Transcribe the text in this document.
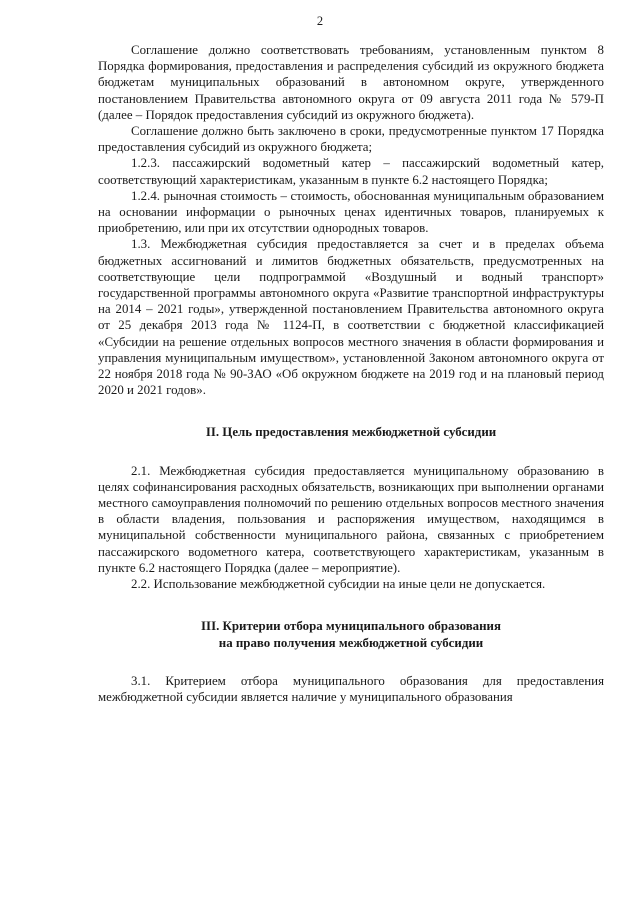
2

Соглашение должно соответствовать требованиям, установленным пунктом 8 Порядка формирования, предоставления и распределения субсидий из окружного бюджета бюджетам муниципальных образований в автономном округе, утвержденного постановлением Правительства автономного округа от 09 августа 2011 года № 579-П (далее – Порядок предоставления субсидий из окружного бюджета).

Соглашение должно быть заключено в сроки, предусмотренные пунктом 17 Порядка предоставления субсидий из окружного бюджета;

1.2.3. пассажирский водометный катер – пассажирский водометный катер, соответствующий характеристикам, указанным в пункте 6.2 настоящего Порядка;

1.2.4. рыночная стоимость – стоимость, обоснованная муниципальным образованием на основании информации о рыночных ценах идентичных товаров, планируемых к приобретению, или при их отсутствии однородных товаров.

1.3. Межбюджетная субсидия предоставляется за счет и в пределах объема бюджетных ассигнований и лимитов бюджетных обязательств, предусмотренных на соответствующие цели подпрограммой «Воздушный и водный транспорт» государственной программы автономного округа «Развитие транспортной инфраструктуры на 2014 – 2021 годы», утвержденной постановлением Правительства автономного округа от 25 декабря 2013 года № 1124-П, в соответствии с бюджетной классификацией «Субсидии на решение отдельных вопросов местного значения в области формирования и управления муниципальным имуществом», установленной Законом автономного округа от 22 ноября 2018 года № 90-ЗАО «Об окружном бюджете на 2019 год и на плановый период 2020 и 2021 годов».

II. Цель предоставления межбюджетной субсидии

2.1. Межбюджетная субсидия предоставляется муниципальному образованию в целях софинансирования расходных обязательств, возникающих при выполнении органами местного самоуправления полномочий по решению отдельных вопросов местного значения в области владения, пользования и распоряжения имуществом, находящимся в муниципальной собственности муниципального района, связанных с приобретением пассажирского водометного катера, соответствующего характеристикам, указанным в пункте 6.2 настоящего Порядка (далее – мероприятие).

2.2. Использование межбюджетной субсидии на иные цели не допускается.

III. Критерии отбора муниципального образования

на право получения межбюджетной субсидии

3.1. Критерием отбора муниципального образования для предоставления межбюджетной субсидии является наличие у муниципального образования
